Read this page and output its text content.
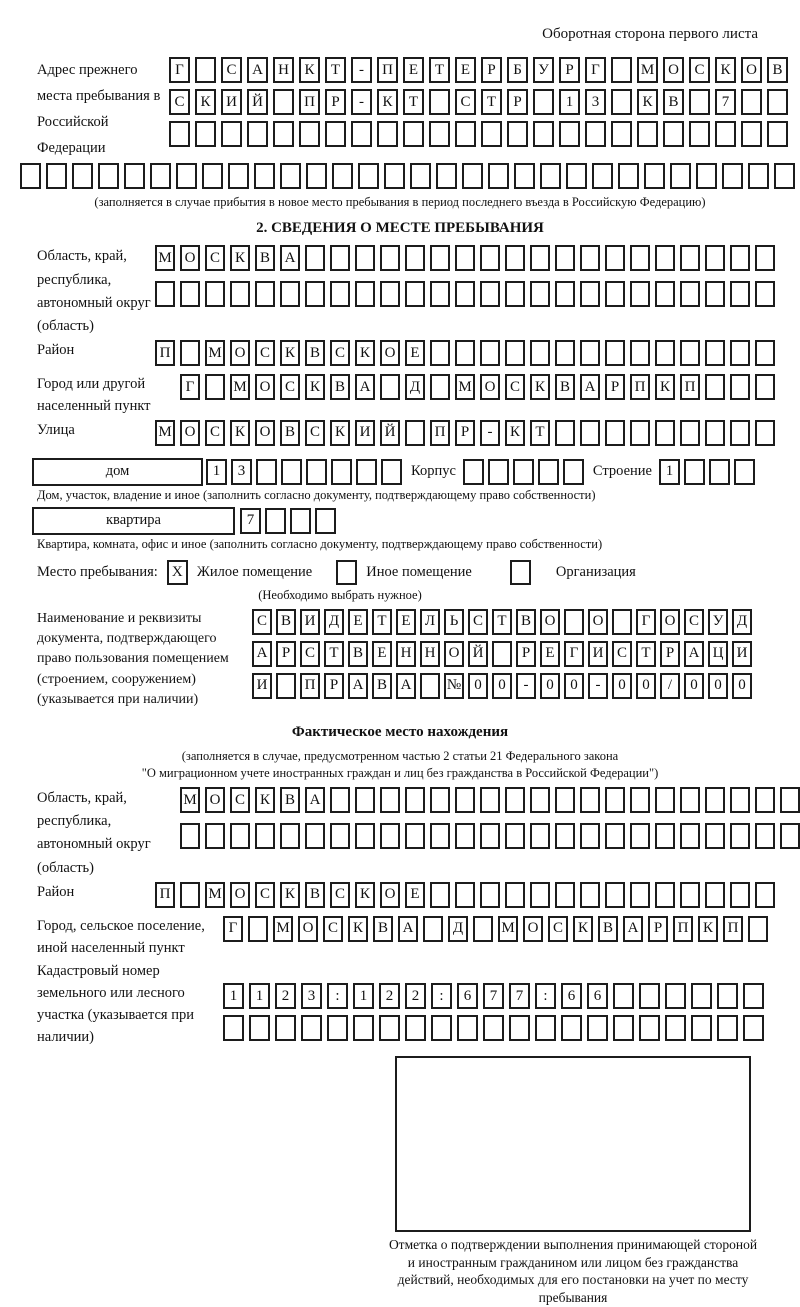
Оборотная сторона первого листа
Адрес прежнего места пребывания в Российской Федерации
Г	С	А	Н	К	Т	-	П	Е	Т	Е	Р	Б	У	Р	Г	М О	С	К	О	В
С	К	И	Й	П	Р	-	К	Т	С	Т	Р	1	3	К	В	7
(заполняется в случае прибытия в новое место пребывания в период последнего въезда в Российскую Федерацию)
2. СВЕДЕНИЯ О МЕСТЕ ПРЕБЫВАНИЯ
Область, край, республика, автономный округ (область)
М О С К В А
Район	П	М О С К В С К О Е
Город или другой населенный пункт
Г	М О С К В А	Д	М О С К В А	Р	П К П
Улица	М О С К О В С К И Й	П	Р	-	К	Т
дом	1	3	Корпус	Строение 1
Дом, участок, владение и иное (заполнить согласно документу, подтверждающему право собственности)
квартира	7
Квартира, комната, офис и иное (заполнить согласно документу, подтверждающему право собственности)
Место пребывания: X Жилое помещение	Иное помещение	Организация
(Необходимо выбрать нужное)
Наименование и реквизиты документа, подтверждающего право пользования помещением (строением, сооружением) (указывается при наличии)
С В И Д Е Т Е Л Ь С Т В О	О	Г О С У Д
А Р С Т В Е Н Н О Й	Р	Е	Г И С Т	Р А Ц И
И	П Р А В А	№ 0	0	-	0	0	-	0	0	/	0	0	0
Фактическое место нахождения
(заполняется в случае, предусмотренном частью 2 статьи 21 Федерального закона
"О миграционном учете иностранных граждан и лиц без гражданства в Российской Федерации")
Область, край, республика, автономный округ (область)
М О С К В А
Район	П	М О С К В С К О Е
Город, сельское поселение, иной населенный пункт
Г	М О С К В А	Д	М О С К В А	Р	П К П
Кадастровый номер земельного или лесного участка (указывается при наличии)
1	1	2	3	:	1	2	2	:	6	7	7	:	6	6
Отметка о подтверждении выполнения принимающей стороной и иностранным гражданином или лицом без гражданства действий, необходимых для его постановки на учет по месту пребывания
